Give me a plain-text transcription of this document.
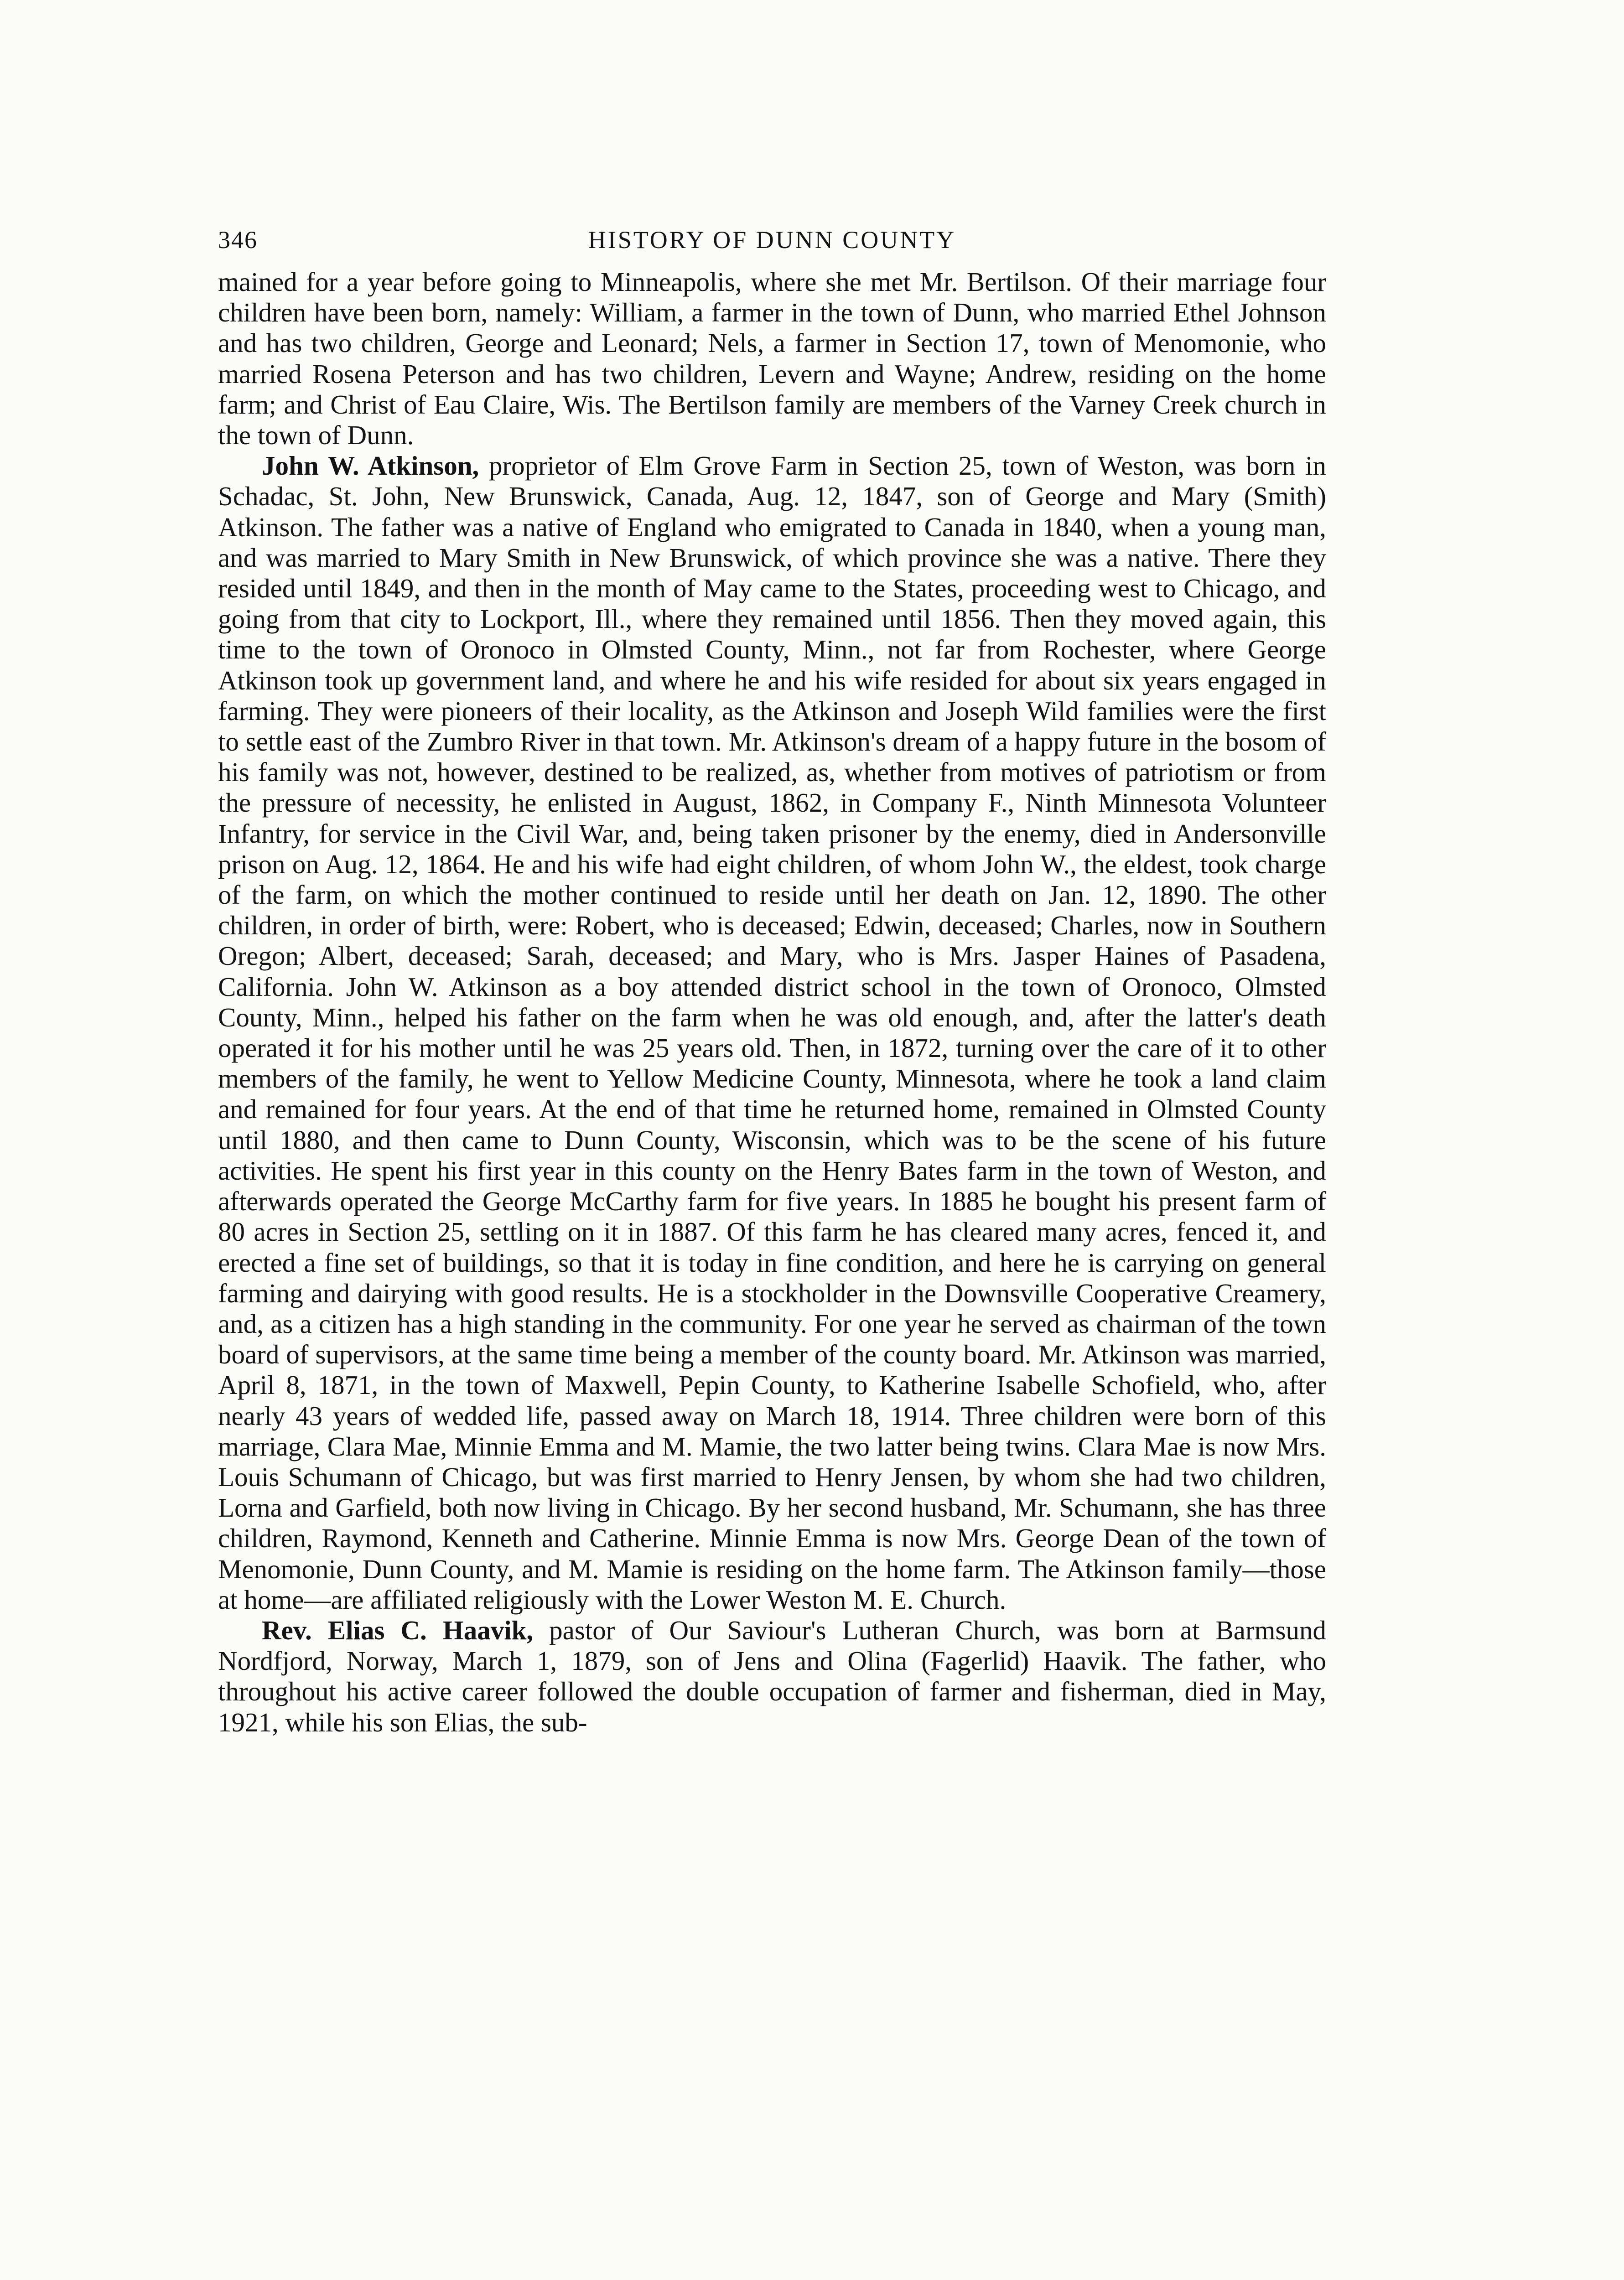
346	HISTORY OF DUNN COUNTY

mained for a year before going to Minneapolis, where she met Mr. Bertilson. Of their marriage four children have been born, namely: William, a farmer in the town of Dunn, who married Ethel Johnson and has two children, George and Leonard; Nels, a farmer in Section 17, town of Menomonie, who married Rosena Peterson and has two children, Levern and Wayne; Andrew, residing on the home farm; and Christ of Eau Claire, Wis. The Bertilson family are members of the Varney Creek church in the town of Dunn.

John W. Atkinson, proprietor of Elm Grove Farm in Section 25, town of Weston, was born in Schadac, St. John, New Brunswick, Canada, Aug. 12, 1847, son of George and Mary (Smith) Atkinson. The father was a native of England who emigrated to Canada in 1840, when a young man, and was married to Mary Smith in New Brunswick, of which province she was a native. There they resided until 1849, and then in the month of May came to the States, proceeding west to Chicago, and going from that city to Lockport, Ill., where they remained until 1856. Then they moved again, this time to the town of Oronoco in Olmsted County, Minn., not far from Rochester, where George Atkinson took up government land, and where he and his wife resided for about six years engaged in farming. They were pioneers of their locality, as the Atkinson and Joseph Wild families were the first to settle east of the Zumbro River in that town. Mr. Atkinson's dream of a happy future in the bosom of his family was not, however, destined to be realized, as, whether from motives of patriotism or from the pressure of necessity, he enlisted in August, 1862, in Company F., Ninth Minnesota Volunteer Infantry, for service in the Civil War, and, being taken prisoner by the enemy, died in Andersonville prison on Aug. 12, 1864. He and his wife had eight children, of whom John W., the eldest, took charge of the farm, on which the mother continued to reside until her death on Jan. 12, 1890. The other children, in order of birth, were: Robert, who is deceased; Edwin, deceased; Charles, now in Southern Oregon; Albert, deceased; Sarah, deceased; and Mary, who is Mrs. Jasper Haines of Pasadena, California. John W. Atkinson as a boy attended district school in the town of Oronoco, Olmsted County, Minn., helped his father on the farm when he was old enough, and, after the latter's death operated it for his mother until he was 25 years old. Then, in 1872, turning over the care of it to other members of the family, he went to Yellow Medicine County, Minnesota, where he took a land claim and remained for four years. At the end of that time he returned home, remained in Olmsted County until 1880, and then came to Dunn County, Wisconsin, which was to be the scene of his future activities. He spent his first year in this county on the Henry Bates farm in the town of Weston, and afterwards operated the George McCarthy farm for five years. In 1885 he bought his present farm of 80 acres in Section 25, settling on it in 1887. Of this farm he has cleared many acres, fenced it, and erected a fine set of buildings, so that it is today in fine condition, and here he is carrying on general farming and dairying with good results. He is a stockholder in the Downsville Cooperative Creamery, and, as a citizen has a high standing in the community. For one year he served as chairman of the town board of supervisors, at the same time being a member of the county board. Mr. Atkinson was married, April 8, 1871, in the town of Maxwell, Pepin County, to Katherine Isabelle Schofield, who, after nearly 43 years of wedded life, passed away on March 18, 1914. Three children were born of this marriage, Clara Mae, Minnie Emma and M. Mamie, the two latter being twins. Clara Mae is now Mrs. Louis Schumann of Chicago, but was first married to Henry Jensen, by whom she had two children, Lorna and Garfield, both now living in Chicago. By her second husband, Mr. Schumann, she has three children, Raymond, Kenneth and Catherine. Minnie Emma is now Mrs. George Dean of the town of Menomonie, Dunn County, and M. Mamie is residing on the home farm. The Atkinson family—those at home—are affiliated religiously with the Lower Weston M. E. Church.

Rev. Elias C. Haavik, pastor of Our Saviour's Lutheran Church, was born at Barmsund Nordfjord, Norway, March 1, 1879, son of Jens and Olina (Fagerlid) Haavik. The father, who throughout his active career followed the double occupation of farmer and fisherman, died in May, 1921, while his son Elias, the sub-
